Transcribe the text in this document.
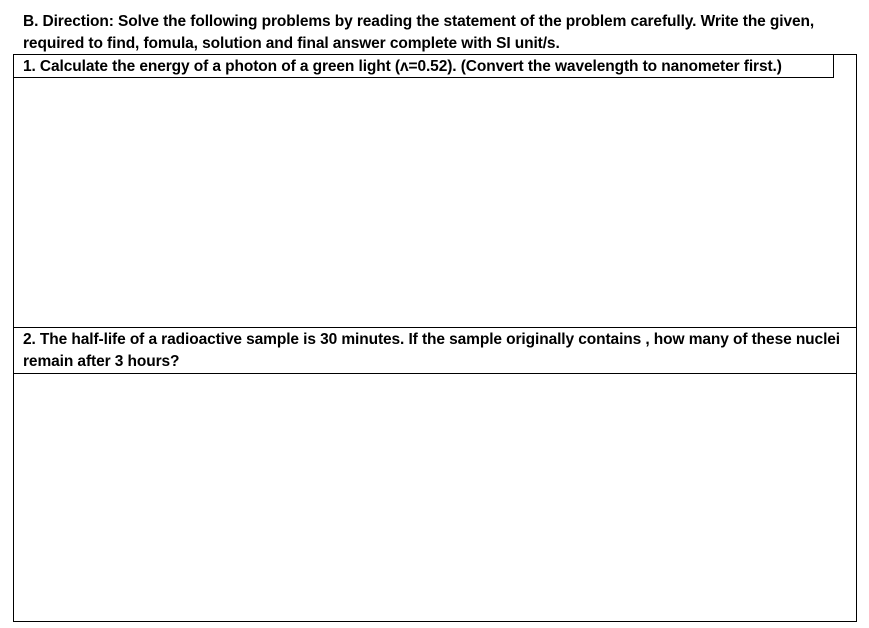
B. Direction: Solve the following problems by reading the statement of the problem carefully. Write the given, required to find, fomula, solution and final answer complete with SI unit/s.
1. Calculate the energy of a photon of a green light (ʌ=0.52). (Convert the wavelength to nanometer first.)
2. The half-life of a radioactive sample is 30 minutes. If the sample originally contains , how many of these nuclei remain after 3 hours?
